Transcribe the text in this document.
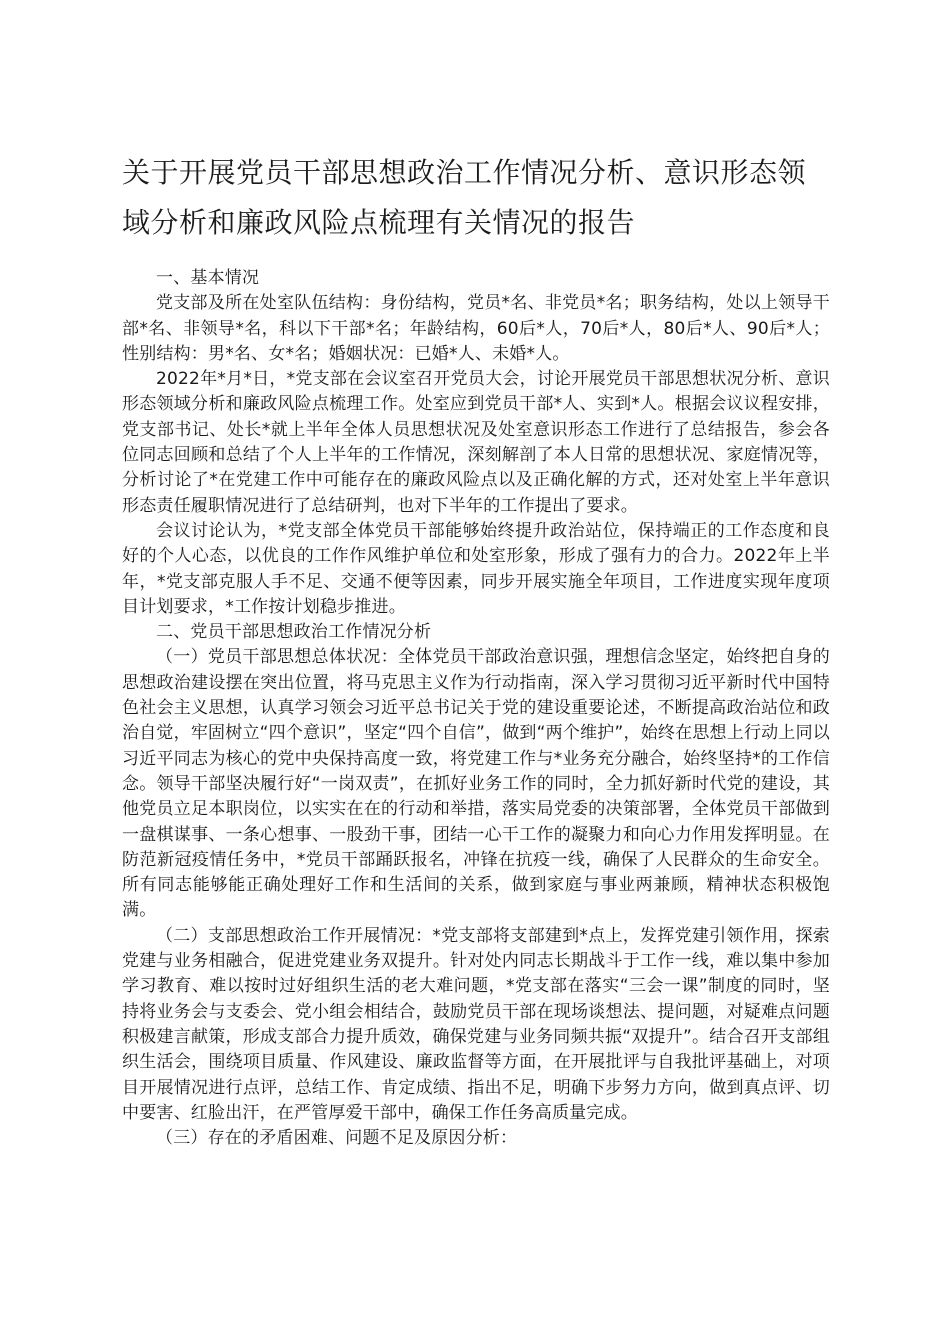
关于开展党员干部思想政治工作情况分析、意识形态领域分析和廉政风险点梳理有关情况的报告

一、基本情况

党支部及所在处室队伍结构：身份结构，党员*名、非党员*名；职务结构，处以上领导干部*名、非领导*名，科以下干部*名；年龄结构，60后*人，70后*人，80后*人、90后*人；性别结构：男*名、女*名；婚姻状况：已婚*人、未婚*人。

2022年*月*日，*党支部在会议室召开党员大会，讨论开展党员干部思想状况分析、意识形态领域分析和廉政风险点梳理工作。处室应到党员干部*人、实到*人。根据会议议程安排，党支部书记、处长*就上半年全体人员思想状况及处室意识形态工作进行了总结报告，参会各位同志回顾和总结了个人上半年的工作情况，深刻解剖了本人日常的思想状况、家庭情况等，分析讨论了*在党建工作中可能存在的廉政风险点以及正确化解的方式，还对处室上半年意识形态责任履职情况进行了总结研判，也对下半年的工作提出了要求。

会议讨论认为，*党支部全体党员干部能够始终提升政治站位，保持端正的工作态度和良好的个人心态，以优良的工作作风维护单位和处室形象，形成了强有力的合力。2022年上半年，*党支部克服人手不足、交通不便等因素，同步开展实施全年项目，工作进度实现年度项目计划要求，*工作按计划稳步推进。

二、党员干部思想政治工作情况分析

（一）党员干部思想总体状况：全体党员干部政治意识强，理想信念坚定，始终把自身的思想政治建设摆在突出位置，将马克思主义作为行动指南，深入学习贯彻习近平新时代中国特色社会主义思想，认真学习领会习近平总书记关于党的建设重要论述，不断提高政治站位和政治自觉，牢固树立“四个意识”，坚定“四个自信”，做到“两个维护”，始终在思想上行动上同以习近平同志为核心的党中央保持高度一致，将党建工作与*业务充分融合，始终坚持*的工作信念。领导干部坚决履行好“一岗双责”，在抓好业务工作的同时，全力抓好新时代党的建设，其他党员立足本职岗位，以实实在在的行动和举措，落实局党委的决策部署，全体党员干部做到一盘棋谋事、一条心想事、一股劲干事，团结一心干工作的凝聚力和向心力作用发挥明显。在防范新冠疫情任务中，*党员干部踊跃报名，冲锋在抗疫一线，确保了人民群众的生命安全。所有同志能够能正确处理好工作和生活间的关系，做到家庭与事业两兼顾，精神状态积极饱满。

（二）支部思想政治工作开展情况：*党支部将支部建到*点上，发挥党建引领作用，探索党建与业务相融合，促进党建业务双提升。针对处内同志长期战斗于工作一线，难以集中参加学习教育、难以按时过好组织生活的老大难问题，*党支部在落实“三会一课”制度的同时，坚持将业务会与支委会、党小组会相结合，鼓励党员干部在现场谈想法、提问题，对疑难点问题积极建言献策，形成支部合力提升质效，确保党建与业务同频共振“双提升”。结合召开支部组织生活会，围绕项目质量、作风建设、廉政监督等方面，在开展批评与自我批评基础上，对项目开展情况进行点评，总结工作、肯定成绩、指出不足，明确下步努力方向，做到真点评、切中要害、红脸出汗，在严管厚爱干部中，确保工作任务高质量完成。

（三）存在的矛盾困难、问题不足及原因分析：
